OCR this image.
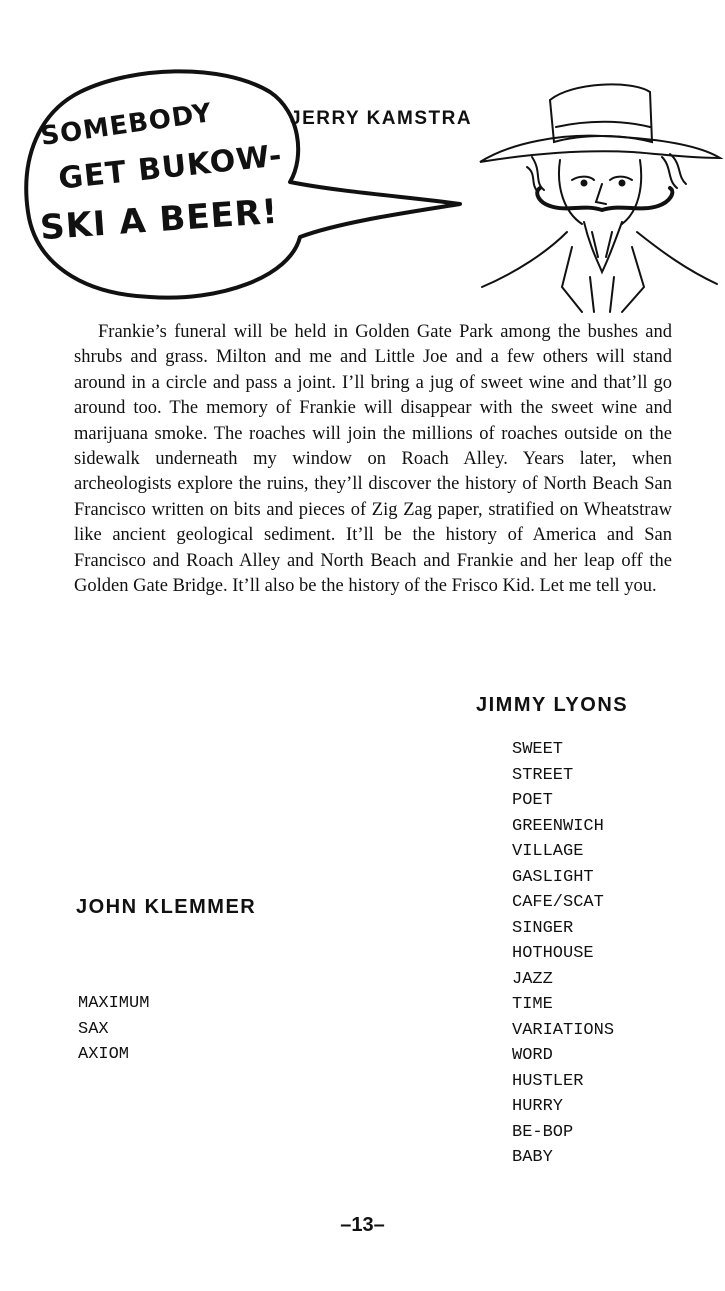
SOMEBODY
GET BUKOW-
SKI A BEER!
JERRY KAMSTRA

Frankie’s funeral will be held in Golden Gate Park among the bushes and shrubs and grass. Milton and me and Little Joe and a few others will stand around in a circle and pass a joint. I’ll bring a jug of sweet wine and that’ll go around too. The memory of Frankie will disappear with the sweet wine and marijuana smoke. The roaches will join the millions of roaches outside on the sidewalk underneath my window on Roach Alley. Years later, when archeologists explore the ruins, they’ll discover the history of North Beach San Francisco written on bits and pieces of Zig Zag paper, stratified on Wheatstraw like ancient geological sediment. It’ll be the history of America and San Francisco and Roach Alley and North Beach and Frankie and her leap off the Golden Gate Bridge. It’ll also be the history of the Frisco Kid. Let me tell you.

JIMMY LYONS
SWEET
STREET
POET
GREENWICH
VILLAGE
GASLIGHT
CAFE/SCAT
SINGER
HOTHOUSE
JAZZ
TIME
VARIATIONS
WORD
HUSTLER
HURRY
BE-BOP
BABY
JOHN KLEMMER
MAXIMUM
SAX
AXIOM
–13–
